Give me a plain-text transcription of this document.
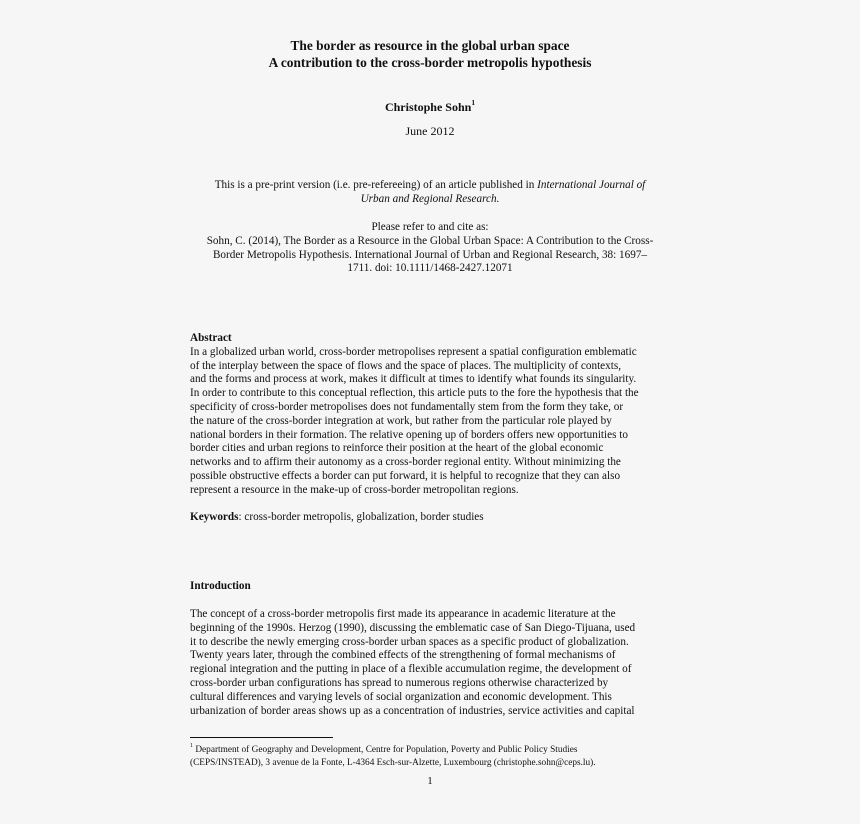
The border as resource in the global urban space
A contribution to the cross-border metropolis hypothesis
Christophe Sohn$^1$
June 2012
This is a pre-print version (i.e. pre-refereeing) of an article published in International Journal of
Urban and Regional Research.
Please refer to and cite as:
Sohn, C. (2014), The Border as a Resource in the Global Urban Space: A Contribution to the Cross-
Border Metropolis Hypothesis. International Journal of Urban and Regional Research, 38: 1697–
1711. doi: 10.1111/1468-2427.12071
Abstract
In a globalized urban world, cross-border metropolises represent a spatial configuration emblematic
of the interplay between the space of flows and the space of places. The multiplicity of contexts,
and the forms and process at work, makes it difficult at times to identify what founds its singularity.
In order to contribute to this conceptual reflection, this article puts to the fore the hypothesis that the
specificity of cross-border metropolises does not fundamentally stem from the form they take, or
the nature of the cross-border integration at work, but rather from the particular role played by
national borders in their formation. The relative opening up of borders offers new opportunities to
border cities and urban regions to reinforce their position at the heart of the global economic
networks and to affirm their autonomy as a cross-border regional entity. Without minimizing the
possible obstructive effects a border can put forward, it is helpful to recognize that they can also
represent a resource in the make-up of cross-border metropolitan regions.
Keywords: cross-border metropolis, globalization, border studies
Introduction
The concept of a cross-border metropolis first made its appearance in academic literature at the
beginning of the 1990s. Herzog (1990), discussing the emblematic case of San Diego-Tijuana, used
it to describe the newly emerging cross-border urban spaces as a specific product of globalization.
Twenty years later, through the combined effects of the strengthening of formal mechanisms of
regional integration and the putting in place of a flexible accumulation regime, the development of
cross-border urban configurations has spread to numerous regions otherwise characterized by
cultural differences and varying levels of social organization and economic development. This
urbanization of border areas shows up as a concentration of industries, service activities and capital
$^1$ Department of Geography and Development, Centre for Population, Poverty and Public Policy Studies
(CEPS/INSTEAD), 3 avenue de la Fonte, L-4364 Esch-sur-Alzette, Luxembourg (christophe.sohn@ceps.lu).
1
